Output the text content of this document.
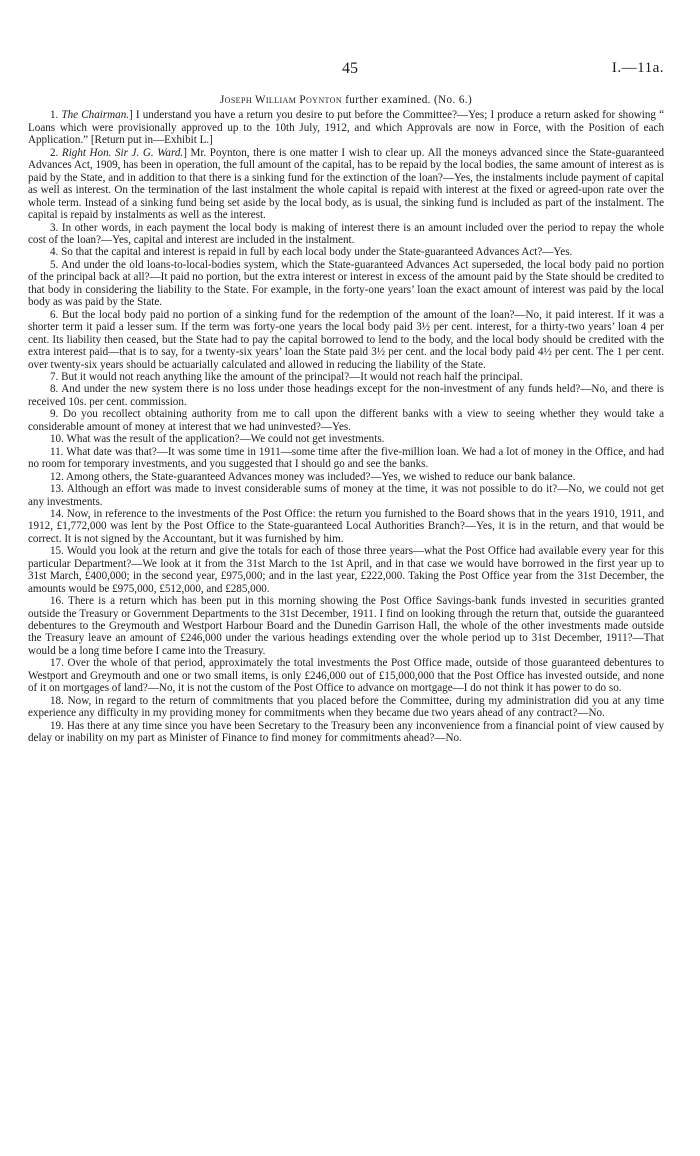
45	I.—11a.

Joseph William Poynton further examined. (No. 6.)

1. The Chairman.] I understand you have a return you desire to put before the Committee?—Yes; I produce a return asked for showing “ Loans which were provisionally approved up to the 10th July, 1912, and which Approvals are now in Force, with the Position of each Application.” [Return put in—Exhibit L.]

2. Right Hon. Sir J. G. Ward.] Mr. Poynton, there is one matter I wish to clear up. All the moneys advanced since the State-guaranteed Advances Act, 1909, has been in operation, the full amount of the capital, has to be repaid by the local bodies, the same amount of interest as is paid by the State, and in addition to that there is a sinking fund for the extinction of the loan?—Yes, the instalments include payment of capital as well as interest. On the termination of the last instalment the whole capital is repaid with interest at the fixed or agreed-upon rate over the whole term. Instead of a sinking fund being set aside by the local body, as is usual, the sinking fund is included as part of the instalment. The capital is repaid by instalments as well as the interest.

3. In other words, in each payment the local body is making of interest there is an amount included over the period to repay the whole cost of the loan?—Yes, capital and interest are included in the instalment.

4. So that the capital and interest is repaid in full by each local body under the State-guaranteed Advances Act?—Yes.

5. And under the old loans-to-local-bodies system, which the State-guaranteed Advances Act superseded, the local body paid no portion of the principal back at all?—It paid no portion, but the extra interest or interest in excess of the amount paid by the State should be credited to that body in considering the liability to the State. For example, in the forty-one years’ loan the exact amount of interest was paid by the local body as was paid by the State.

6. But the local body paid no portion of a sinking fund for the redemption of the amount of the loan?—No, it paid interest. If it was a shorter term it paid a lesser sum. If the term was forty-one years the local body paid 3½ per cent. interest, for a thirty-two years’ loan 4 per cent. Its liability then ceased, but the State had to pay the capital borrowed to lend to the body, and the local body should be credited with the extra interest paid—that is to say, for a twenty-six years’ loan the State paid 3½ per cent. and the local body paid 4½ per cent. The 1 per cent. over twenty-six years should be actuarially calculated and allowed in reducing the liability of the State.

7. But it would not reach anything like the amount of the principal?—It would not reach half the principal.

8. And under the new system there is no loss under those headings except for the non-investment of any funds held?—No, and there is received 10s. per cent. commission.

9. Do you recollect obtaining authority from me to call upon the different banks with a view to seeing whether they would take a considerable amount of money at interest that we had uninvested?—Yes.

10. What was the result of the application?—We could not get investments.

11. What date was that?—It was some time in 1911—some time after the five-million loan. We had a lot of money in the Office, and had no room for temporary investments, and you suggested that I should go and see the banks.

12. Among others, the State-guaranteed Advances money was included?—Yes, we wished to reduce our bank balance.

13. Although an effort was made to invest considerable sums of money at the time, it was not possible to do it?—No, we could not get any investments.

14. Now, in reference to the investments of the Post Office: the return you furnished to the Board shows that in the years 1910, 1911, and 1912, £1,772,000 was lent by the Post Office to the State-guaranteed Local Authorities Branch?—Yes, it is in the return, and that would be correct. It is not signed by the Accountant, but it was furnished by him.

15. Would you look at the return and give the totals for each of those three years—what the Post Office had available every year for this particular Department?—We look at it from the 31st March to the 1st April, and in that case we would have borrowed in the first year up to 31st March, £400,000; in the second year, £975,000; and in the last year, £222,000. Taking the Post Office year from the 31st December, the amounts would be £975,000, £512,000, and £285,000.

16. There is a return which has been put in this morning showing the Post Office Savings-bank funds invested in securities granted outside the Treasury or Government Departments to the 31st December, 1911. I find on looking through the return that, outside the guaranteed debentures to the Greymouth and Westport Harbour Board and the Dunedin Garrison Hall, the whole of the other investments made outside the Treasury leave an amount of £246,000 under the various headings extending over the whole period up to 31st December, 1911?—That would be a long time before I came into the Treasury.

17. Over the whole of that period, approximately the total investments the Post Office made, outside of those guaranteed debentures to Westport and Greymouth and one or two small items, is only £246,000 out of £15,000,000 that the Post Office has invested outside, and none of it on mortgages of land?—No, it is not the custom of the Post Office to advance on mortgage—I do not think it has power to do so.

18. Now, in regard to the return of commitments that you placed before the Committee, during my administration did you at any time experience any difficulty in my providing money for commitments when they became due two years ahead of any contract?—No.

19. Has there at any time since you have been Secretary to the Treasury been any inconvenience from a financial point of view caused by delay or inability on my part as Minister of Finance to find money for commitments ahead?—No.
